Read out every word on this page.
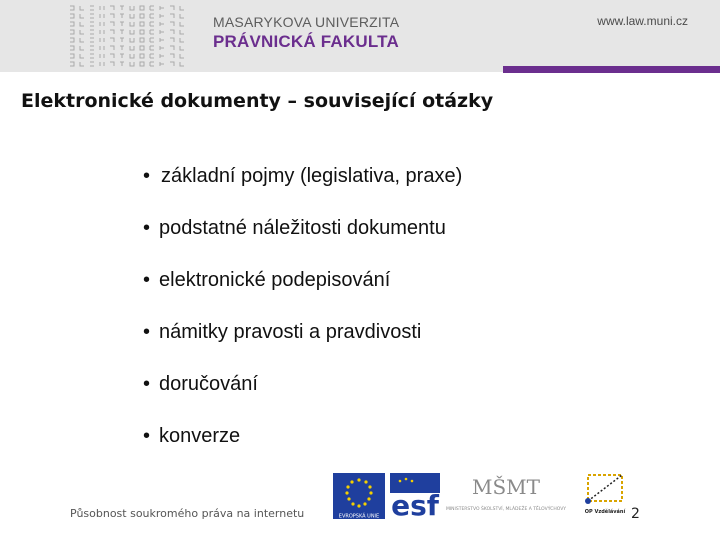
MASARYKOVA UNIVERZITA
PRÁVNICKÁ FAKULTA
www.law.muni.cz
Elektronické dokumenty – související otázky
• základní pojmy (legislativa, praxe)
• podstatné náležitosti dokumentu
• elektronické podepisování
• námitky pravosti a pravdivosti
• doručování
• konverze
Působnost soukromého práva na internetu	EVROPSKÁ UNIE esf
MŠMT
MINISTERSTVO ŠKOLSTVÍ, MLÁDEŽE A TĚLOVÝCHOVY	OP Vzdělávání 2
